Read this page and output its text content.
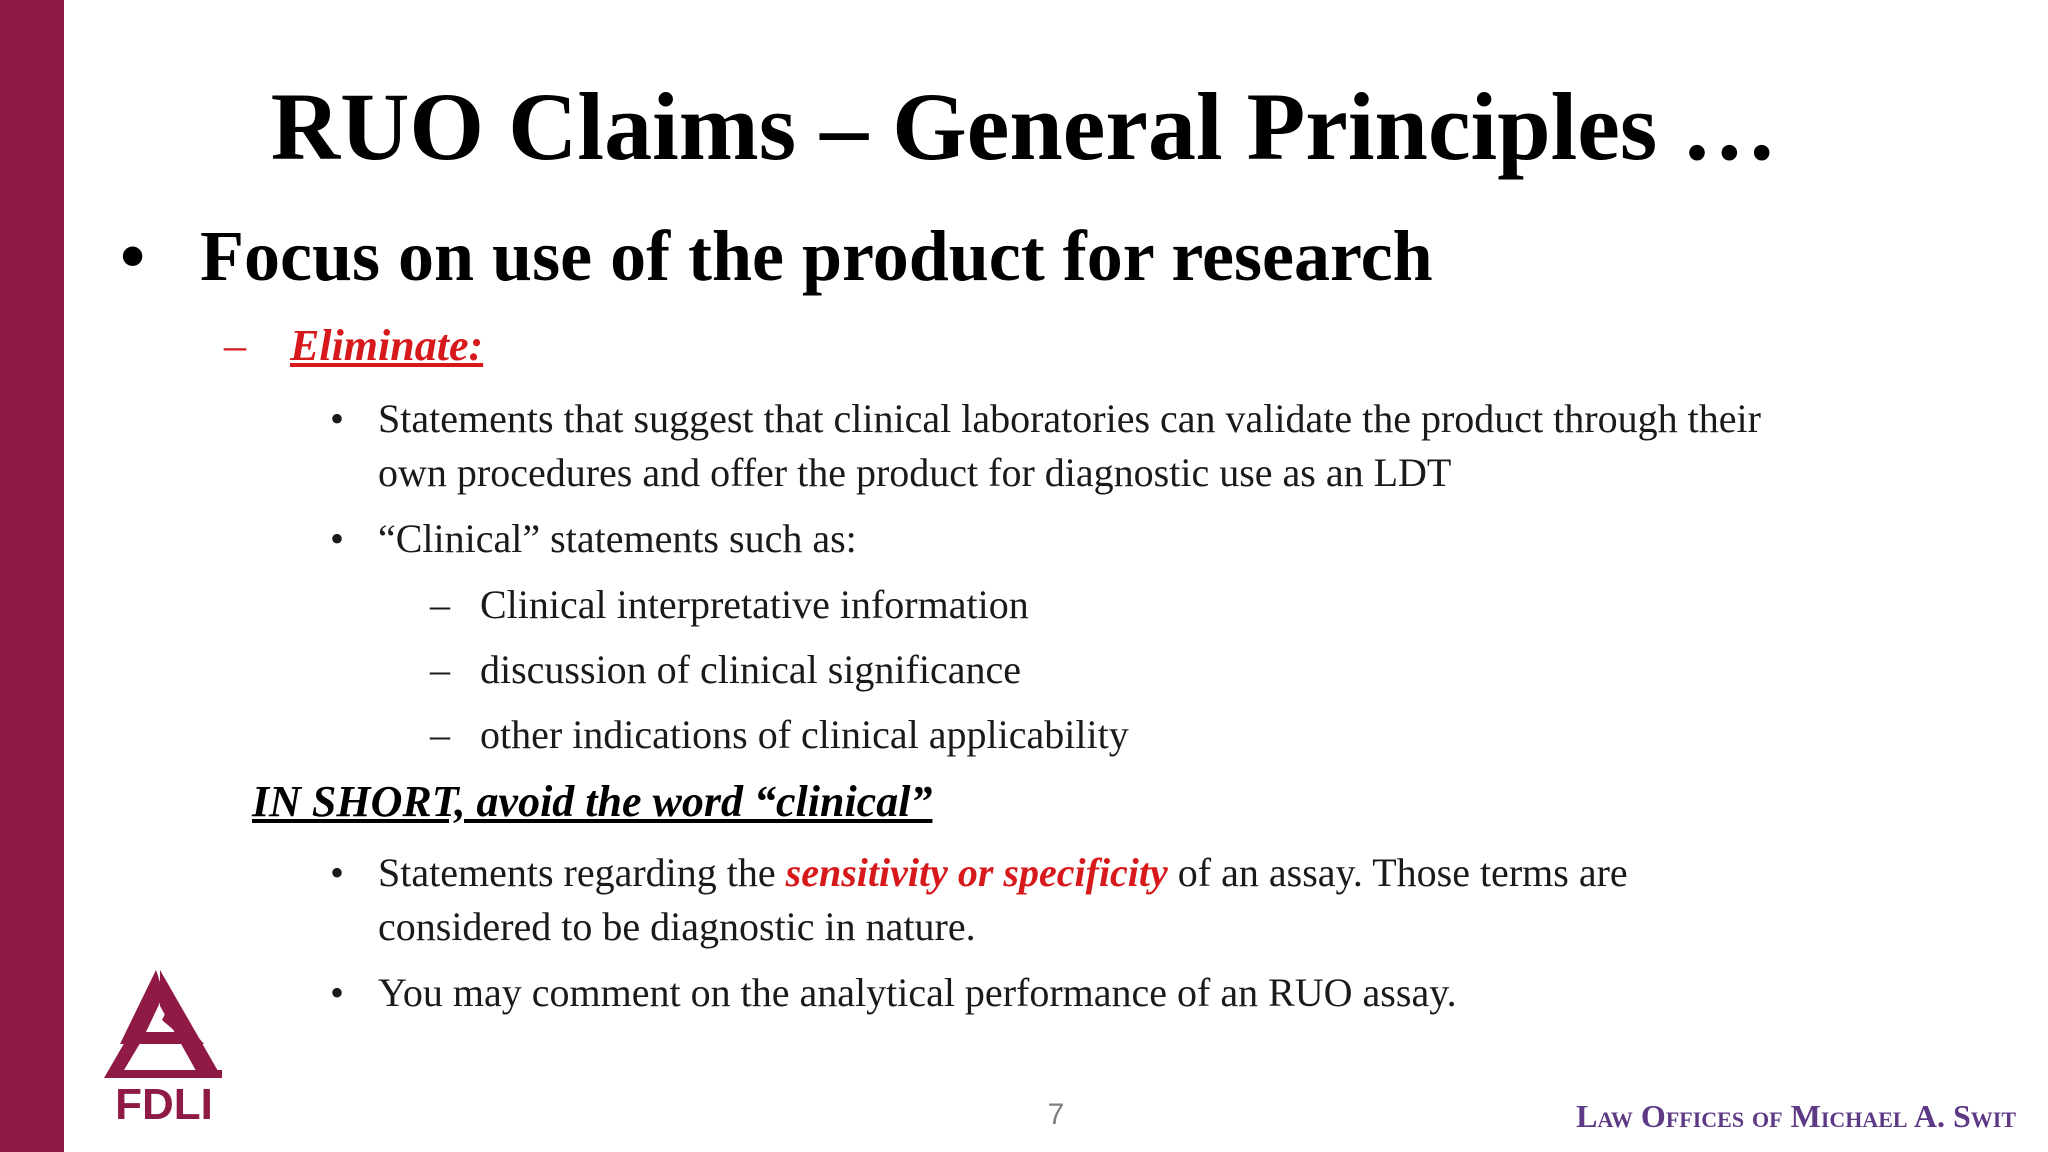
RUO Claims – General Principles …
• Focus on use of the product for research
– Eliminate:
• Statements that suggest that clinical laboratories can validate the product through their
own procedures and offer the product for diagnostic use as an LDT
• “Clinical” statements such as:
– Clinical interpretative information
– discussion of clinical significance
– other indications of clinical applicability
IN SHORT, avoid the word “clinical”
• Statements regarding the sensitivity or specificity of an assay. Those terms are
considered to be diagnostic in nature.
• You may comment on the analytical performance of an RUO assay.
FDLI	7	Law Offices of Michael A. Swit
